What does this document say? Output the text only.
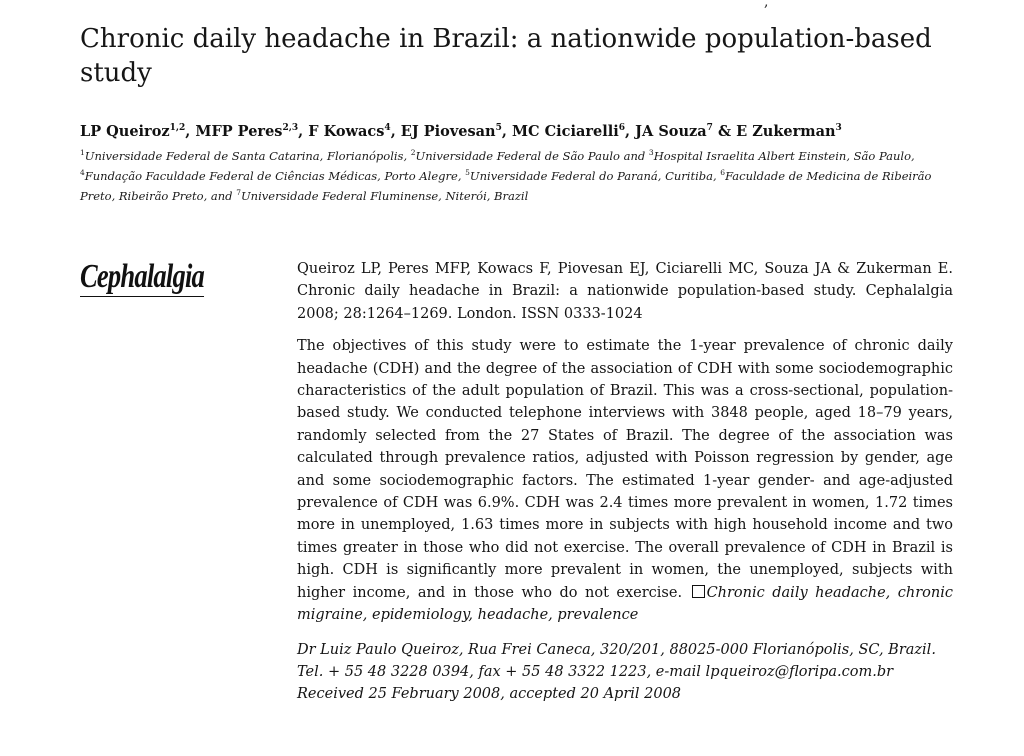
,
Chronic daily headache in Brazil: a nationwide population-based study

LP Queiroz$^{1,2}$, MFP Peres$^{2,3}$, F Kowacs$^4$, EJ Piovesan$^5$, MC Ciciarelli$^6$, JA Souza$^7$ & E Zukerman$^3$

$^1$Universidade Federal de Santa Catarina, Florianópolis, $^2$Universidade Federal de São Paulo and $^3$Hospital Israelita Albert Einstein, São Paulo, $^4$Fundação Faculdade Federal de Ciências Médicas, Porto Alegre, $^5$Universidade Federal do Paraná, Curitiba, $^6$Faculdade de Medicina de Ribeirão Preto, Ribeirão Preto, and $^7$Universidade Federal Fluminense, Niterói, Brazil

Cephalalgia	Queiroz LP, Peres MFP, Kowacs F, Piovesan EJ, Ciciarelli MC, Souza JA & Zukerman E. Chronic daily headache in Brazil: a nationwide population-based study. Cephalalgia 2008; 28:1264–1269. London. ISSN 0333-1024

The objectives of this study were to estimate the 1-year prevalence of chronic daily headache (CDH) and the degree of the association of CDH with some sociodemographic characteristics of the adult population of Brazil. This was a cross-sectional, population-based study. We conducted telephone interviews with 3848 people, aged 18–79 years, randomly selected from the 27 States of Brazil. The degree of the association was calculated through prevalence ratios, adjusted with Poisson regression by gender, age and some sociodemographic factors. The estimated 1-year gender- and age-adjusted prevalence of CDH was 6.9%. CDH was 2.4 times more prevalent in women, 1.72 times more in unemployed, 1.63 times more in subjects with high household income and two times greater in those who did not exercise. The overall prevalence of CDH in Brazil is high. CDH is significantly more prevalent in women, the unemployed, subjects with higher income, and in those who do not exercise. Chronic daily headache, chronic migraine, epidemiology, headache, prevalence

Dr Luiz Paulo Queiroz, Rua Frei Caneca, 320/201, 88025-000 Florianópolis, SC, Brazil. Tel. + 55 48 3228 0394, fax + 55 48 3322 1223, e-mail lpqueiroz@floripa.com.br Received 25 February 2008, accepted 20 April 2008
